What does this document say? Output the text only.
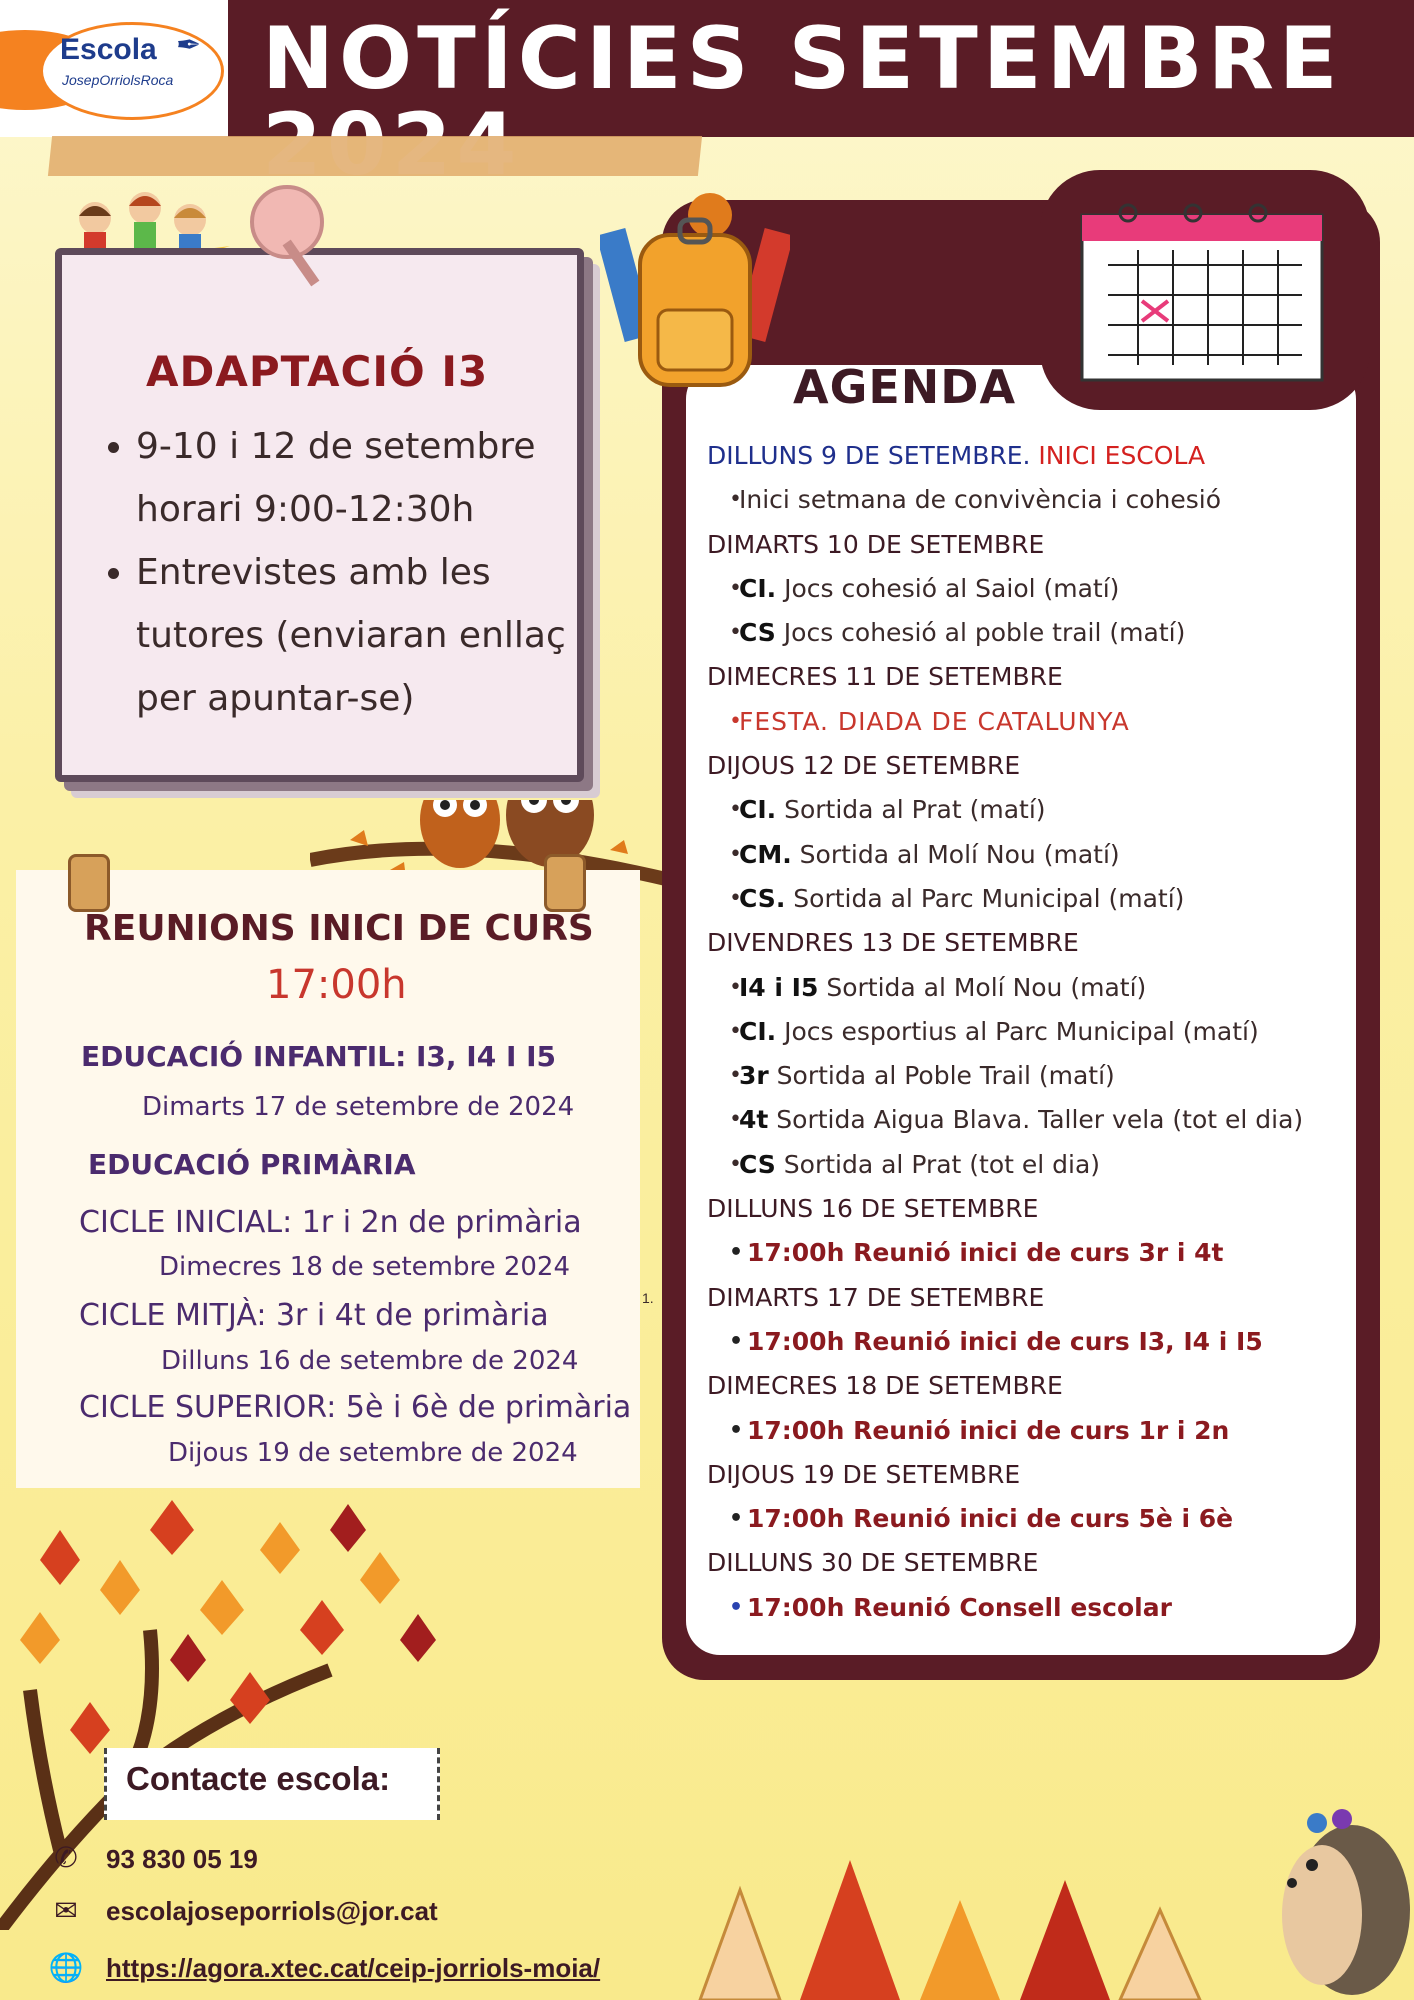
Escola ✒
JosepOrriolsRoca NOTÍCIES SETEMBRE
ADAPTACIÓ I3
• 9-10 i 12 de setembre horari 9:00-12:30h
• Entrevistes amb les tutores (enviaran enllaç per apuntar-se)
REUNIONS INICI DE CURS
17:00h
EDUCACIÓ INFANTIL: I3, I4 I I5
Dimarts 17 de setembre de 2024
EDUCACIÓ PRIMÀRIA
CICLE INICIAL: 1r i 2n de primària
Dimecres 18 de setembre 2024
CICLE MITJÀ: 3r i 4t de primària
Dilluns 16 de setembre de 2024
CICLE SUPERIOR: 5è i 6è de primària
Dijous 19 de setembre de 2024
AGENDA
DILLUNS 9 DE SETEMBRE. INICI ESCOLA
• Inici setmana de convivència i cohesió
DIMARTS 10 DE SETEMBRE
• CI. Jocs cohesió al Saiol (matí)
• CS Jocs cohesió al poble trail (matí)
DIMECRES 11 DE SETEMBRE
• FESTA. DIADA DE CATALUNYA
DIJOUS 12 DE SETEMBRE
• CI. Sortida al Prat (matí)
• CM. Sortida al Molí Nou (matí)
• CS. Sortida al Parc Municipal (matí)
DIVENDRES 13 DE SETEMBRE
• I4 i I5 Sortida al Molí Nou (matí)
• CI. Jocs esportius al Parc Municipal (matí)
• 3r Sortida al Poble Trail (matí)
• 4t Sortida Aigua Blava. Taller vela (tot el dia)
• CS Sortida al Prat (tot el dia)
DILLUNS 16 DE SETEMBRE
• 17:00h Reunió inici de curs 3r i 4t
DIMARTS 17 DE SETEMBRE
• 17:00h Reunió inici de curs I3, I4 i I5
DIMECRES 18 DE SETEMBRE
• 17:00h Reunió inici de curs 1r i 2n
DIJOUS 19 DE SETEMBRE
• 17:00h Reunió inici de curs 5è i 6è
DILLUNS 30 DE SETEMBRE
• 17:00h Reunió Consell escolar
1.
Contacte escola:
✆ 93 830 05 19
✉ escolajoseporriols@jor.cat
🌐 https://agora.xtec.cat/ceip-jorriols-moia/
